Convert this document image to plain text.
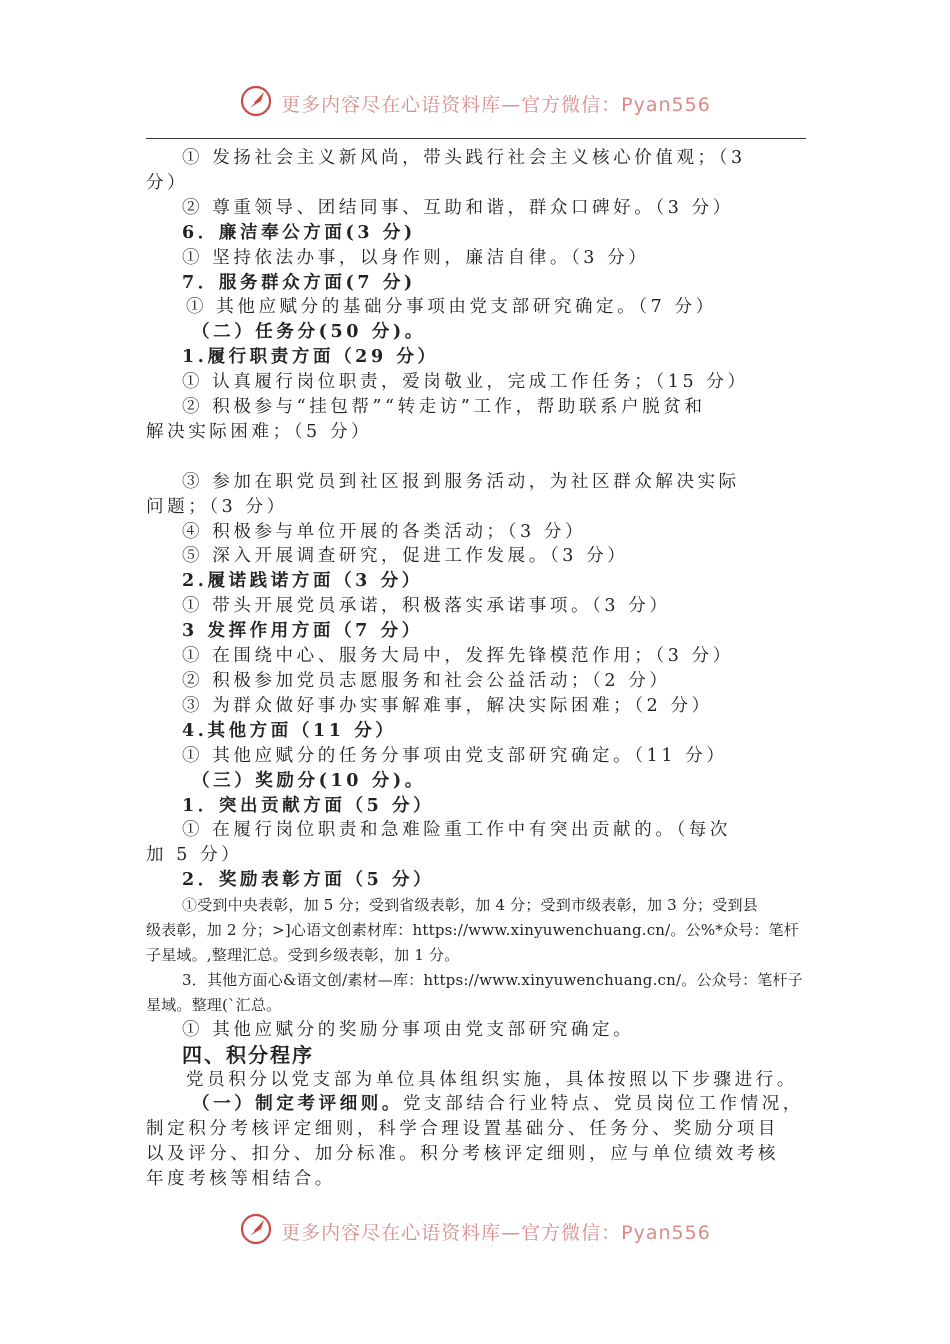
更多内容尽在心语资料库—官方微信：Pyan556

① 发扬社会主义新风尚，带头践行社会主义核心价值观；（3

分）

② 尊重领导、团结同事、互助和谐，群众口碑好。（3 分）

6．廉洁奉公方面(3 分)

① 坚持依法办事，以身作则，廉洁自律。（3 分）

7．服务群众方面(7 分)

① 其他应赋分的基础分事项由党支部研究确定。（7 分）

（二）任务分(50 分)。

1.履行职责方面（29 分）

① 认真履行岗位职责，爱岗敬业，完成工作任务；（15 分）

② 积极参与“挂包帮”“转走访”工作，帮助联系户脱贫和

解决实际困难；（5 分）

③ 参加在职党员到社区报到服务活动，为社区群众解决实际

问题；（3 分）

④ 积极参与单位开展的各类活动；（3 分）

⑤ 深入开展调查研究，促进工作发展。（3 分）

2.履诺践诺方面（3 分）

① 带头开展党员承诺，积极落实承诺事项。（3 分）

3 发挥作用方面（7 分）

① 在围绕中心、服务大局中，发挥先锋模范作用；（3 分）

② 积极参加党员志愿服务和社会公益活动；（2 分）

③ 为群众做好事办实事解难事，解决实际困难；（2 分）

4.其他方面（11 分）

① 其他应赋分的任务分事项由党支部研究确定。（11 分）

（三）奖励分(10 分)。

1．突出贡献方面（5 分）

① 在履行岗位职责和急难险重工作中有突出贡献的。（每次

加 5 分）

2．奖励表彰方面（5 分）

①受到中央表彰，加 5 分；受到省级表彰，加 4 分；受到市级表彰，加 3 分；受到县

级表彰，加 2 分；>]心语文创素材库：https://www.xinyuwenchuang.cn/。公%*众号：笔杆

子星域。,整理汇总。受到乡级表彰，加 1 分。

3．其他方面心&语文创/素材—库：https://www.xinyuwenchuang.cn/。公众号：笔杆子

星域。整理(`汇总。

① 其他应赋分的奖励分事项由党支部研究确定。

四、积分程序

党员积分以党支部为单位具体组织实施，具体按照以下步骤进行。

（一）制定考评细则。党支部结合行业特点、党员岗位工作情况，

制定积分考核评定细则，科学合理设置基础分、任务分、奖励分项目

以及评分、扣分、加分标准。积分考核评定细则，应与单位绩效考核

年度考核等相结合。

更多内容尽在心语资料库—官方微信：Pyan556
